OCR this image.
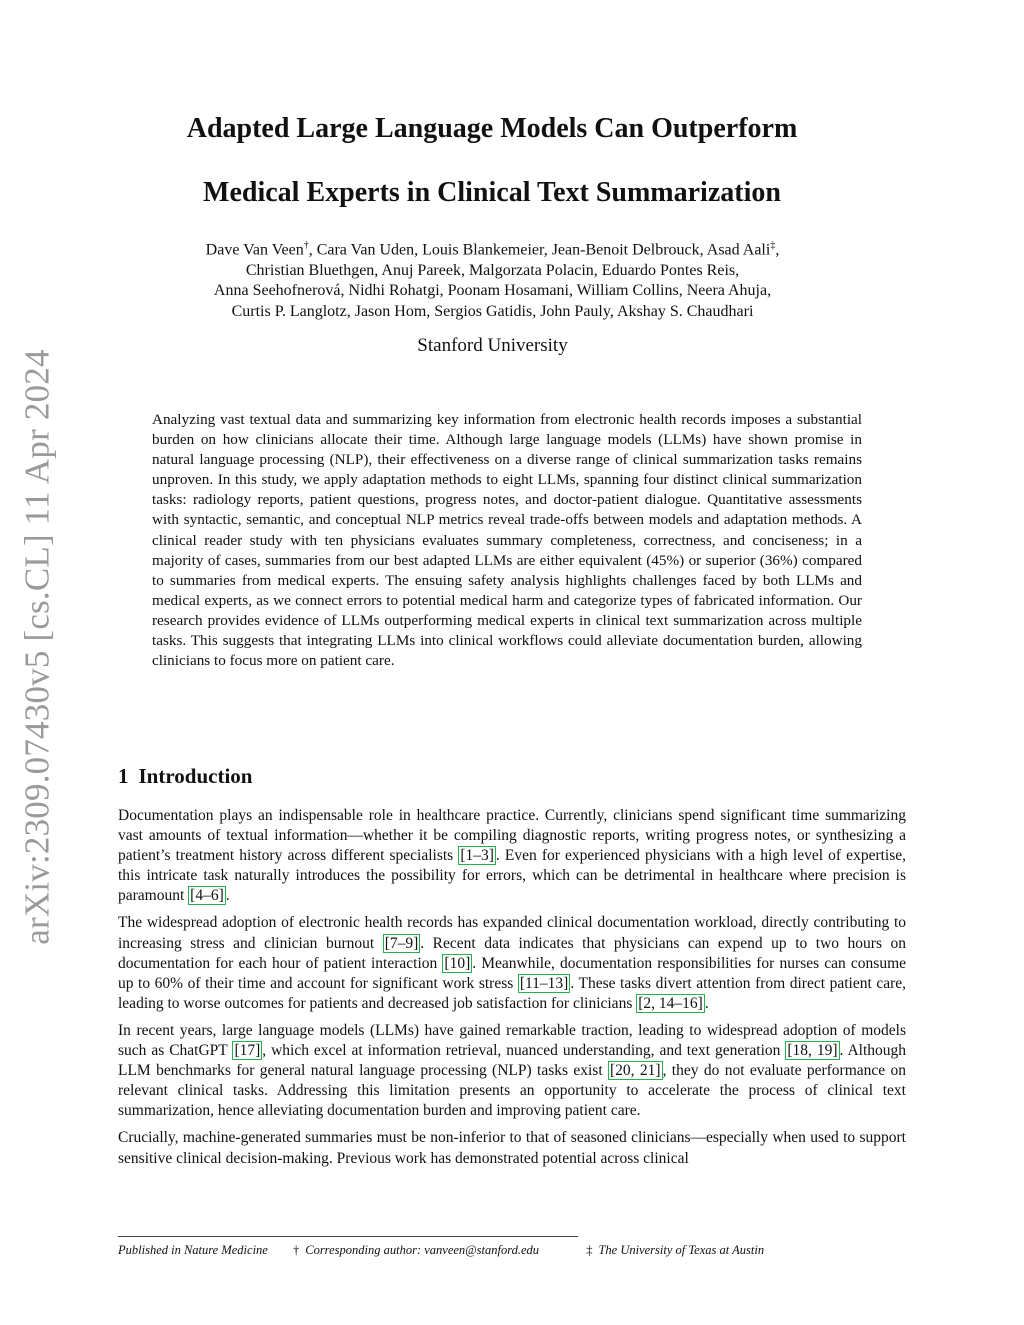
arXiv:2309.07430v5 [cs.CL] 11 Apr 2024
Adapted Large Language Models Can Outperform
Medical Experts in Clinical Text Summarization
Dave Van Veen†, Cara Van Uden, Louis Blankemeier, Jean-Benoit Delbrouck, Asad Aali‡,
Christian Bluethgen, Anuj Pareek, Malgorzata Polacin, Eduardo Pontes Reis,
Anna Seehofnerová, Nidhi Rohatgi, Poonam Hosamani, William Collins, Neera Ahuja,
Curtis P. Langlotz, Jason Hom, Sergios Gatidis, John Pauly, Akshay S. Chaudhari
Stanford University
Analyzing vast textual data and summarizing key information from electronic health records imposes a substantial burden on how clinicians allocate their time. Although large language models (LLMs) have shown promise in natural language processing (NLP), their effectiveness on a diverse range of clinical summarization tasks remains unproven. In this study, we apply adaptation methods to eight LLMs, spanning four distinct clinical summarization tasks: radiology reports, patient questions, progress notes, and doctor-patient dialogue. Quantitative assessments with syntactic, semantic, and conceptual NLP metrics reveal trade-offs between models and adaptation methods. A clinical reader study with ten physicians evaluates summary completeness, correctness, and conciseness; in a majority of cases, summaries from our best adapted LLMs are either equivalent (45%) or superior (36%) compared to summaries from medical experts. The ensuing safety analysis highlights challenges faced by both LLMs and medical experts, as we connect errors to potential medical harm and categorize types of fabricated information. Our research provides evidence of LLMs outperforming medical experts in clinical text summarization across multiple tasks. This suggests that integrating LLMs into clinical workflows could alleviate documentation burden, allowing clinicians to focus more on patient care.
1 Introduction

Documentation plays an indispensable role in healthcare practice. Currently, clinicians spend significant time summarizing vast amounts of textual information—whether it be compiling diagnostic reports, writing progress notes, or synthesizing a patient’s treatment history across different specialists [1–3] . Even for experienced physicians with a high level of expertise, this intricate task naturally introduces the possibility for errors, which can be detrimental in healthcare where precision is paramount [4–6] .

The widespread adoption of electronic health records has expanded clinical documentation workload, directly contributing to increasing stress and clinician burnout [7–9] . Recent data indicates that physicians can expend up to two hours on documentation for each hour of patient interaction [10] . Meanwhile, documentation responsibilities for nurses can consume up to 60% of their time and account for significant work stress [11–13] . These tasks divert attention from direct patient care, leading to worse outcomes for patients and decreased job satisfaction for clinicians [2, 14–16] .

In recent years, large language models (LLMs) have gained remarkable traction, leading to widespread adoption of models such as ChatGPT [17] , which excel at information retrieval, nuanced understanding, and text generation [18, 19] . Although LLM benchmarks for general natural language processing (NLP) tasks exist [20, 21] , they do not evaluate performance on relevant clinical tasks. Addressing this limitation presents an opportunity to accelerate the process of clinical text summarization, hence alleviating documentation burden and improving patient care.

Crucially, machine-generated summaries must be non-inferior to that of seasoned clinicians—especially when used to support sensitive clinical decision-making. Previous work has demonstrated potential across clinical

Published in Nature Medicine † Corresponding author: vanveen@stanford.edu	‡ The University of Texas at Austin
